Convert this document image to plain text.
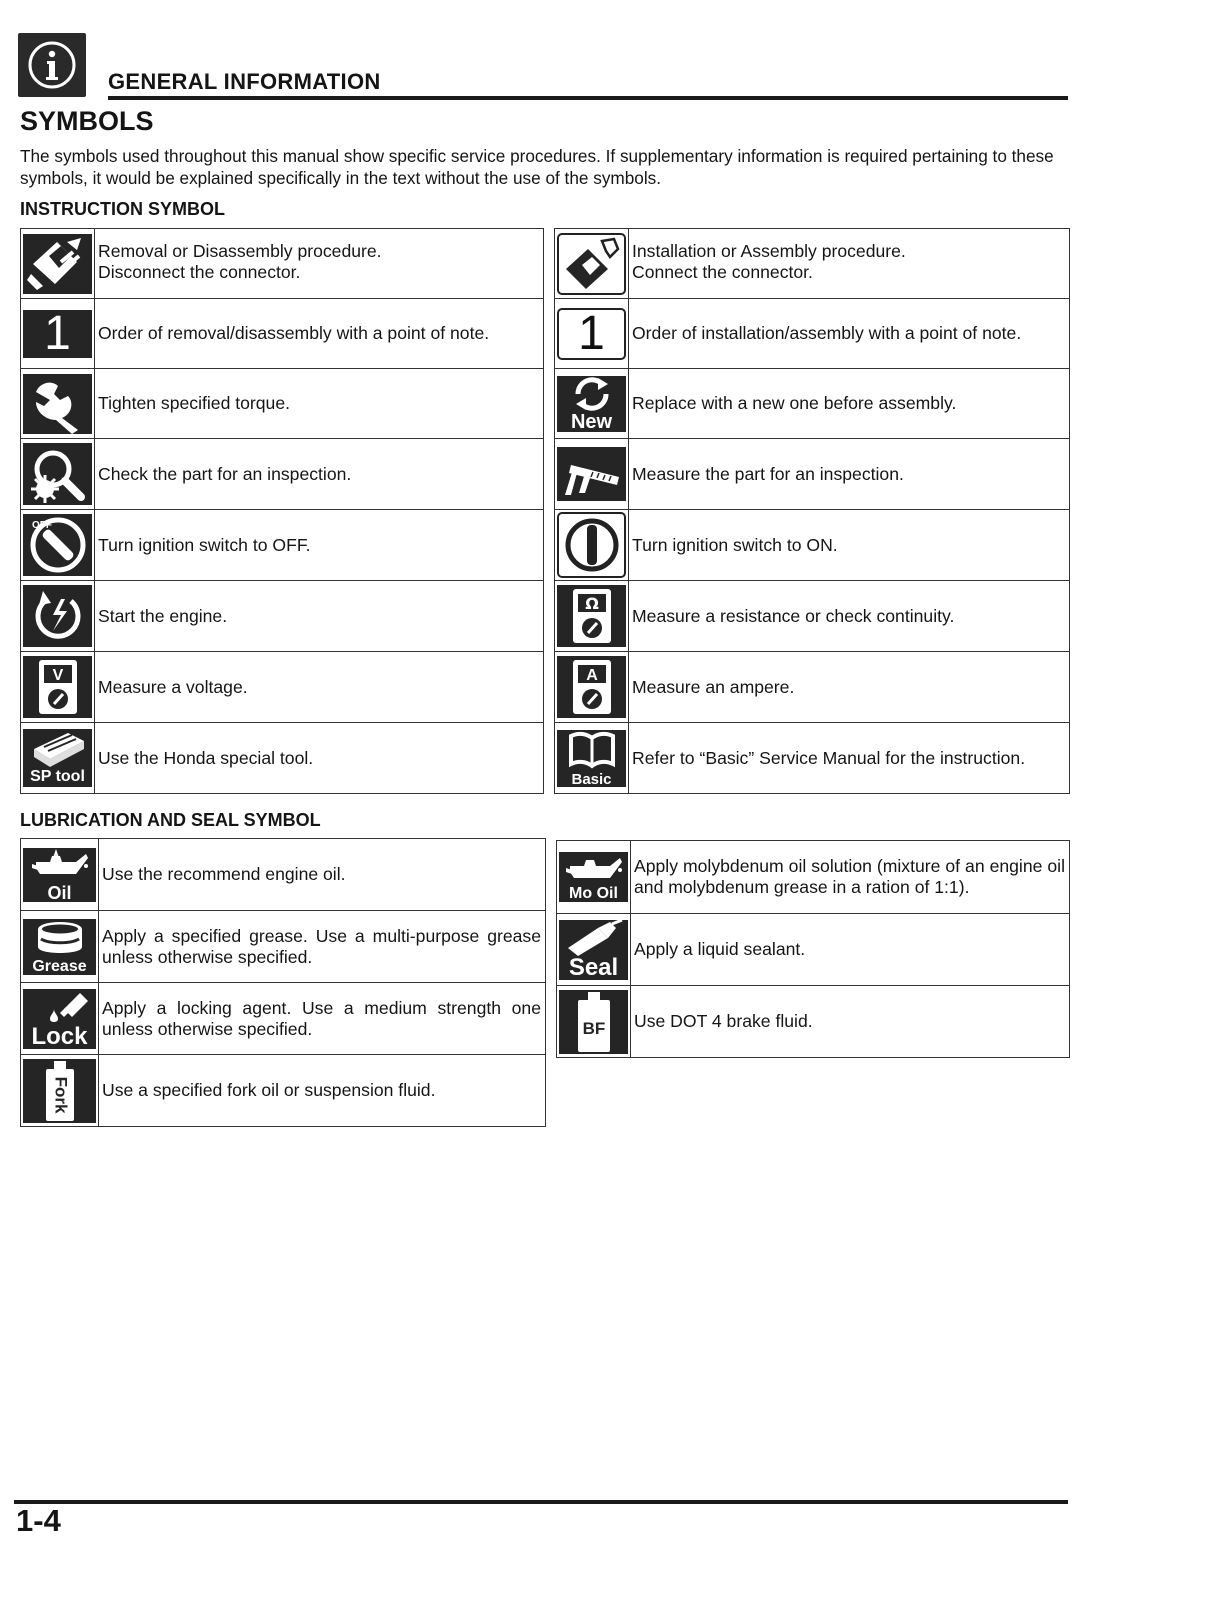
GENERAL INFORMATION
SYMBOLS
The symbols used throughout this manual show specific service procedures. If supplementary information is required pertaining to these symbols, it would be explained specifically in the text without the use of the symbols.
INSTRUCTION SYMBOL
	Removal or Disassembly procedure.
Disconnect the connector.

1	Order of removal/disassembly with a point of note.

	Tighten specified torque.

	Check the part for an inspection.

OFF	Turn ignition switch to OFF.

	Start the engine.

V	Measure a voltage.

SP tool	Use the Honda special tool.
	Installation or Assembly procedure.
Connect the connector.

1	Order of installation/assembly with a point of note.

New	Replace with a new one before assembly.

	Measure the part for an inspection.

	Turn ignition switch to ON.

Ω	Measure a resistance or check continuity.

A	Measure an ampere.

Basic	Refer to “Basic” Service Manual for the instruction.
LUBRICATION AND SEAL SYMBOL
Oil	Use the recommend engine oil.

Grease	Apply a specified grease. Use a multi-purpose grease unless otherwise specified.

Lock	Apply a locking agent. Use a medium strength one unless otherwise specified.

Fork	Use a specified fork oil or suspension fluid.
Mo Oil	Apply molybdenum oil solution (mixture of an engine oil and molybdenum grease in a ration of 1:1).

Seal	Apply a liquid sealant.

BF	Use DOT 4 brake fluid.
1-4
